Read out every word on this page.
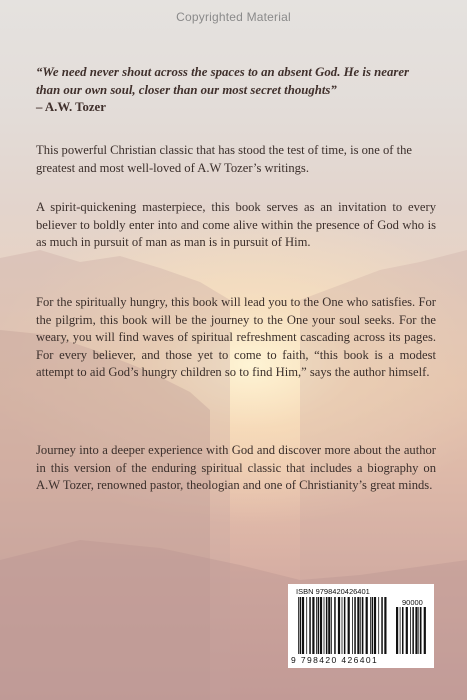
Copyrighted Material
“We need never shout across the spaces to an absent God. He is nearer than our own soul, closer than our most secret thoughts”
– A.W. Tozer
This powerful Christian classic that has stood the test of time, is one of the greatest and most well-loved of A.W Tozer’s writings.
A spirit-quickening masterpiece, this book serves as an invitation to every believer to boldly enter into and come alive within the presence of God who is as much in pursuit of man as man is in pursuit of Him.
For the spiritually hungry, this book will lead you to the One who satisfies. For the pilgrim, this book will be the journey to the One your soul seeks. For the weary, you will find waves of spiritual refreshment cascading across its pages. For every believer, and those yet to come to faith, “this book is a modest attempt to aid God’s hungry children so to find Him,” says the author himself.
Journey into a deeper experience with God and discover more about the author in this version of the enduring spiritual classic that includes a biography on A.W Tozer, renowned pastor, theologian and one of Christianity’s great minds.
ISBN 9798420426401
90000
9 798420 426401
